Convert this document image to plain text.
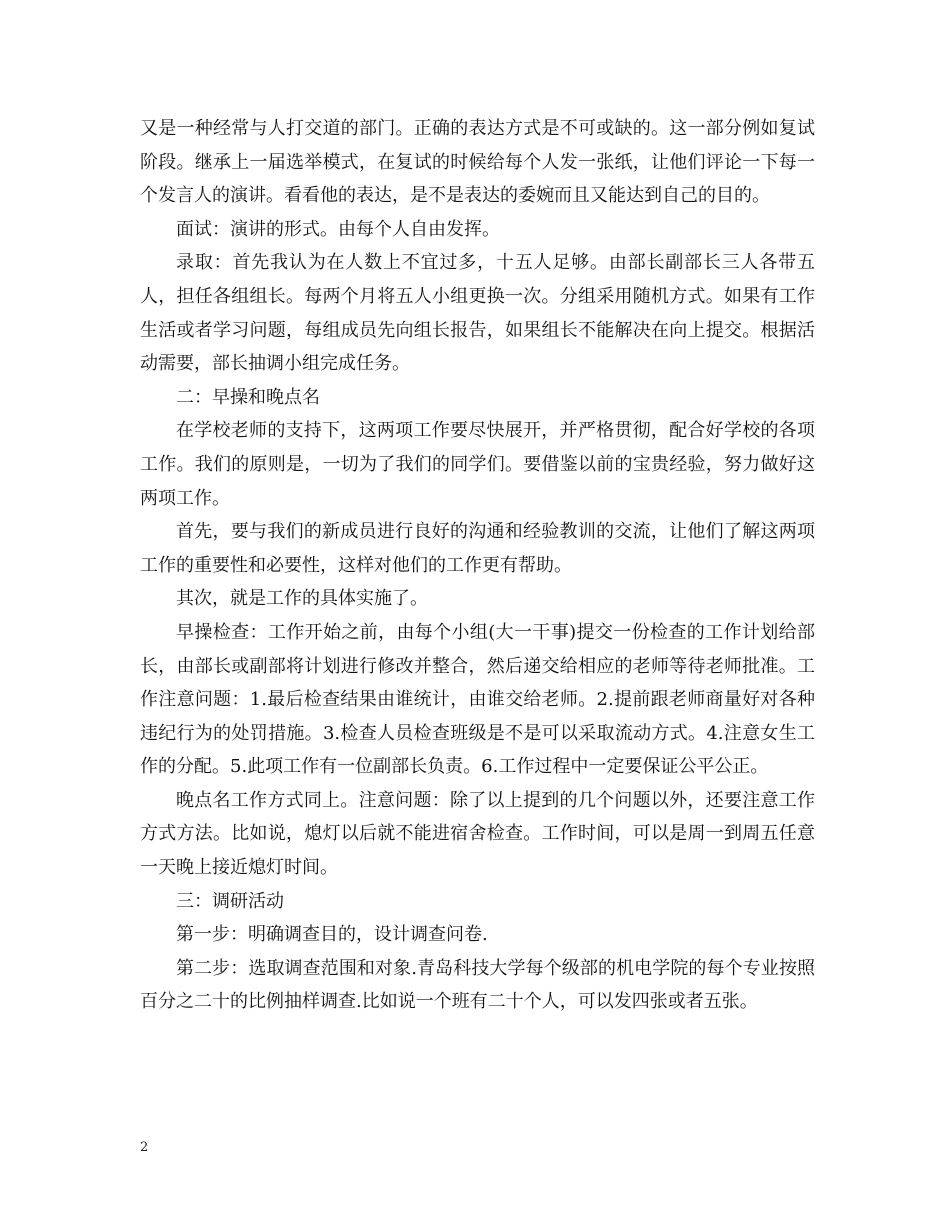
又是一种经常与人打交道的部门。正确的表达方式是不可或缺的。这一部分例如复试阶段。继承上一届选举模式，在复试的时候给每个人发一张纸，让他们评论一下每一个发言人的演讲。看看他的表达，是不是表达的委婉而且又能达到自己的目的。

面试：演讲的形式。由每个人自由发挥。

录取：首先我认为在人数上不宜过多，十五人足够。由部长副部长三人各带五人，担任各组组长。每两个月将五人小组更换一次。分组采用随机方式。如果有工作生活或者学习问题，每组成员先向组长报告，如果组长不能解决在向上提交。根据活动需要，部长抽调小组完成任务。

二：早操和晚点名

在学校老师的支持下，这两项工作要尽快展开，并严格贯彻，配合好学校的各项工作。我们的原则是，一切为了我们的同学们。要借鉴以前的宝贵经验，努力做好这两项工作。

首先，要与我们的新成员进行良好的沟通和经验教训的交流，让他们了解这两项工作的重要性和必要性，这样对他们的工作更有帮助。

其次，就是工作的具体实施了。

早操检查：工作开始之前，由每个小组(大一干事)提交一份检查的工作计划给部长，由部长或副部将计划进行修改并整合，然后递交给相应的老师等待老师批准。工作注意问题：1.最后检查结果由谁统计，由谁交给老师。2.提前跟老师商量好对各种违纪行为的处罚措施。3.检查人员检查班级是不是可以采取流动方式。4.注意女生工作的分配。5.此项工作有一位副部长负责。6.工作过程中一定要保证公平公正。

晚点名工作方式同上。注意问题：除了以上提到的几个问题以外，还要注意工作方式方法。比如说，熄灯以后就不能进宿舍检查。工作时间，可以是周一到周五任意一天晚上接近熄灯时间。

三：调研活动

第一步：明确调查目的，设计调查问卷.

第二步：选取调查范围和对象.青岛科技大学每个级部的机电学院的每个专业按照百分之二十的比例抽样调查.比如说一个班有二十个人，可以发四张或者五张。

2
